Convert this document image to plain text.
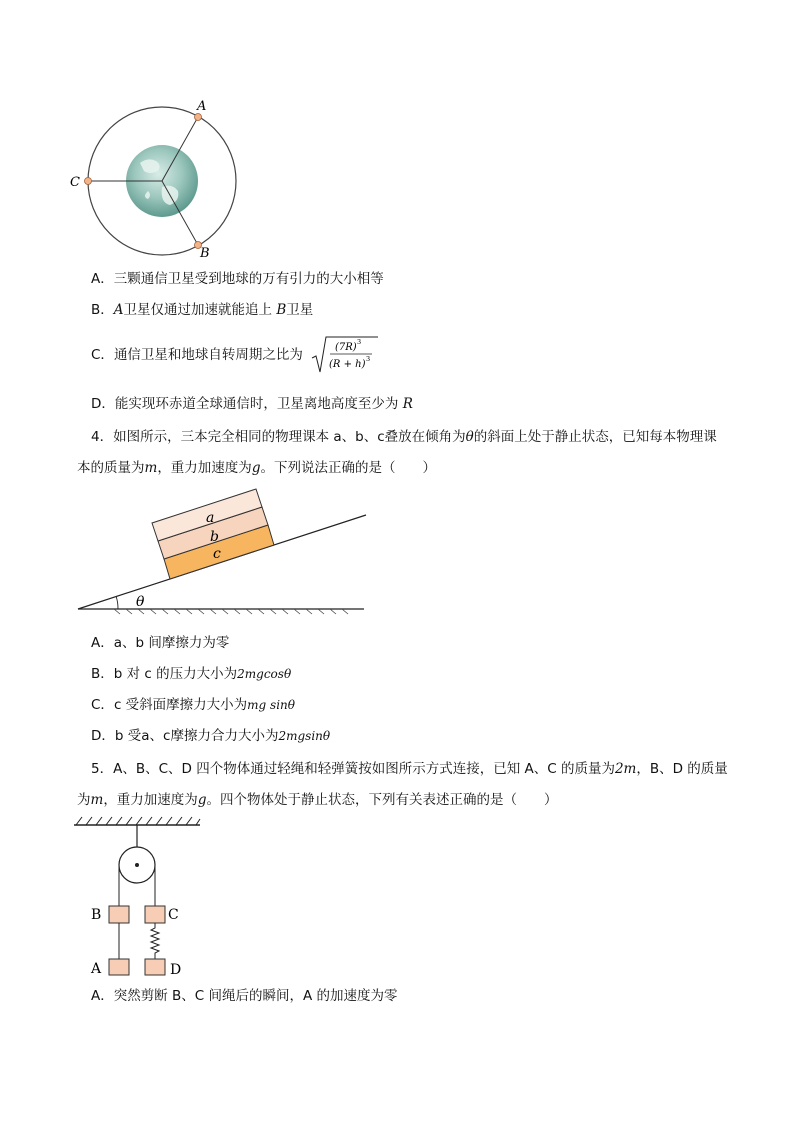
A
B
C
A．三颗通信卫星受到地球的万有引力的大小相等
B．A卫星仅通过加速就能追上 B卫星
C．通信卫星和地球自转周期之比为	(7R) 3
(R + h) 3
D．能实现环赤道全球通信时，卫星离地高度至少为 R
4．如图所示，三本完全相同的物理课本 a、b、c叠放在倾角为θ的斜面上处于静止状态，已知每本物理课
本的质量为m，重力加速度为g。下列说法正确的是（　　）
a
b
c
θ
A．a、b 间摩擦力为零
B．b 对 c 的压力大小为2mgcosθ
C．c 受斜面摩擦力大小为mg sinθ
D．b 受a、c摩擦力合力大小为2mgsinθ
5．A、B、C、D 四个物体通过轻绳和轻弹簧按如图所示方式连接，已知 A、C 的质量为2m，B、D 的质量
为m，重力加速度为g。四个物体处于静止状态，下列有关表述正确的是（　　）
B	C
A	D
A．突然剪断 B、C 间绳后的瞬间，A 的加速度为零
